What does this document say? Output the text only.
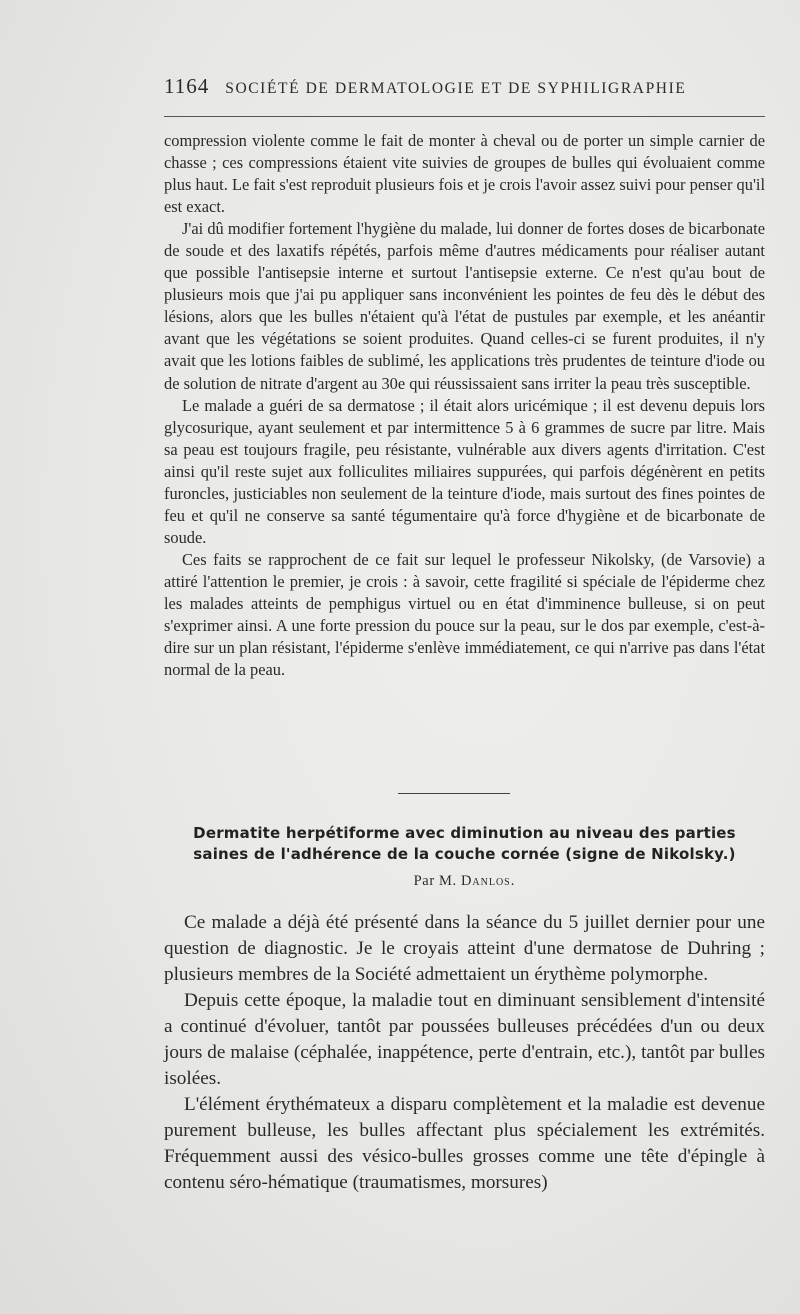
1164 SOCIÉTÉ DE DERMATOLOGIE ET DE SYPHILIGRAPHIE

compression violente comme le fait de monter à cheval ou de porter un simple carnier de chasse ; ces compressions étaient vite suivies de groupes de bulles qui évoluaient comme plus haut. Le fait s'est reproduit plusieurs fois et je crois l'avoir assez suivi pour penser qu'il est exact.

J'ai dû modifier fortement l'hygiène du malade, lui donner de fortes doses de bicarbonate de soude et des laxatifs répétés, parfois même d'autres médicaments pour réaliser autant que possible l'antisepsie interne et surtout l'antisepsie externe. Ce n'est qu'au bout de plusieurs mois que j'ai pu appliquer sans inconvénient les pointes de feu dès le début des lésions, alors que les bulles n'étaient qu'à l'état de pustules par exemple, et les anéantir avant que les végétations se soient produites. Quand celles-ci se furent produites, il n'y avait que les lotions faibles de sublimé, les applications très prudentes de teinture d'iode ou de solution de nitrate d'argent au 30e qui réussissaient sans irriter la peau très susceptible.

Le malade a guéri de sa dermatose ; il était alors uricémique ; il est devenu depuis lors glycosurique, ayant seulement et par intermittence 5 à 6 grammes de sucre par litre. Mais sa peau est toujours fragile, peu résistante, vulnérable aux divers agents d'irritation. C'est ainsi qu'il reste sujet aux folliculites miliaires suppurées, qui parfois dégénèrent en petits furoncles, justiciables non seulement de la teinture d'iode, mais surtout des fines pointes de feu et qu'il ne conserve sa santé tégumentaire qu'à force d'hygiène et de bicarbonate de soude.

Ces faits se rapprochent de ce fait sur lequel le professeur Nikolsky, (de Varsovie) a attiré l'attention le premier, je crois : à savoir, cette fragilité si spéciale de l'épiderme chez les malades atteints de pemphigus virtuel ou en état d'imminence bulleuse, si on peut s'exprimer ainsi. A une forte pression du pouce sur la peau, sur le dos par exemple, c'est-à-dire sur un plan résistant, l'épiderme s'enlève immédiatement, ce qui n'arrive pas dans l'état normal de la peau.

Dermatite herpétiforme avec diminution au niveau des parties
saines de l'adhérence de la couche cornée (signe de Nikolsky.)
Par M. Danlos.

Ce malade a déjà été présenté dans la séance du 5 juillet dernier pour une question de diagnostic. Je le croyais atteint d'une dermatose de Duhring ; plusieurs membres de la Société admettaient un érythème polymorphe.

Depuis cette époque, la maladie tout en diminuant sensiblement d'intensité a continué d'évoluer, tantôt par poussées bulleuses précédées d'un ou deux jours de malaise (céphalée, inappétence, perte d'entrain, etc.), tantôt par bulles isolées.

L'élément érythémateux a disparu complètement et la maladie est devenue purement bulleuse, les bulles affectant plus spécialement les extrémités. Fréquemment aussi des vésico-bulles grosses comme une tête d'épingle à contenu séro-hématique (traumatismes, morsures)
